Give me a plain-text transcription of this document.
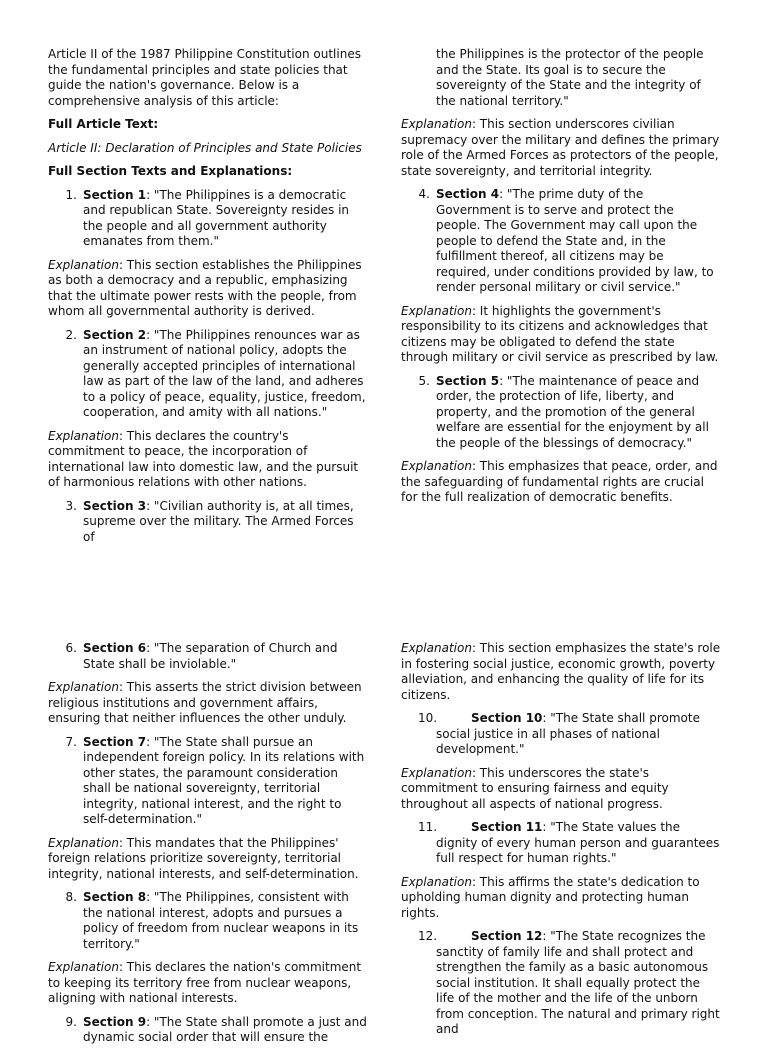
Article II of the 1987 Philippine Constitution outlines the fundamental principles and state policies that guide the nation's governance. Below is a comprehensive analysis of this article:

Full Article Text:

Article II: Declaration of Principles and State Policies

Full Section Texts and Explanations:

1. Section 1: "The Philippines is a democratic and republican State. Sovereignty resides in the people and all government authority emanates from them."

Explanation: This section establishes the Philippines as both a democracy and a republic, emphasizing that the ultimate power rests with the people, from whom all governmental authority is derived.

2. Section 2: "The Philippines renounces war as an instrument of national policy, adopts the generally accepted principles of international law as part of the law of the land, and adheres to a policy of peace, equality, justice, freedom, cooperation, and amity with all nations."

Explanation: This declares the country's commitment to peace, the incorporation of international law into domestic law, and the pursuit of harmonious relations with other nations.

3. Section 3: "Civilian authority is, at all times, supreme over the military. The Armed Forces of
the Philippines is the protector of the people and the State. Its goal is to secure the sovereignty of the State and the integrity of the national territory."

Explanation: This section underscores civilian supremacy over the military and defines the primary role of the Armed Forces as protectors of the people, state sovereignty, and territorial integrity.

4. Section 4: "The prime duty of the Government is to serve and protect the people. The Government may call upon the people to defend the State and, in the fulfillment thereof, all citizens may be required, under conditions provided by law, to render personal military or civil service."

Explanation: It highlights the government's responsibility to its citizens and acknowledges that citizens may be obligated to defend the state through military or civil service as prescribed by law.

5. Section 5: "The maintenance of peace and order, the protection of life, liberty, and property, and the promotion of the general welfare are essential for the enjoyment by all the people of the blessings of democracy."

Explanation: This emphasizes that peace, order, and the safeguarding of fundamental rights are crucial for the full realization of democratic benefits.

6. Section 6: "The separation of Church and State shall be inviolable."

Explanation: This asserts the strict division between religious institutions and government affairs, ensuring that neither influences the other unduly.

7. Section 7: "The State shall pursue an independent foreign policy. In its relations with other states, the paramount consideration shall be national sovereignty, territorial integrity, national interest, and the right to self-determination."

Explanation: This mandates that the Philippines' foreign relations prioritize sovereignty, territorial integrity, national interests, and self-determination.

8. Section 8: "The Philippines, consistent with the national interest, adopts and pursues a policy of freedom from nuclear weapons in its territory."

Explanation: This declares the nation's commitment to keeping its territory free from nuclear weapons, aligning with national interests.

9. Section 9: "The State shall promote a just and dynamic social order that will ensure the

Explanation: This section emphasizes the state's role in fostering social justice, economic growth, poverty alleviation, and enhancing the quality of life for its citizens.

10.	Section 10: "The State shall promote social justice in all phases of national development."

Explanation: This underscores the state's commitment to ensuring fairness and equity throughout all aspects of national progress.

11.	Section 11: "The State values the dignity of every human person and guarantees full respect for human rights."

Explanation: This affirms the state's dedication to upholding human dignity and protecting human rights.

12.	Section 12: "The State recognizes the sanctity of family life and shall protect and strengthen the family as a basic autonomous social institution. It shall equally protect the life of the mother and the life of the unborn from conception. The natural and primary right and
